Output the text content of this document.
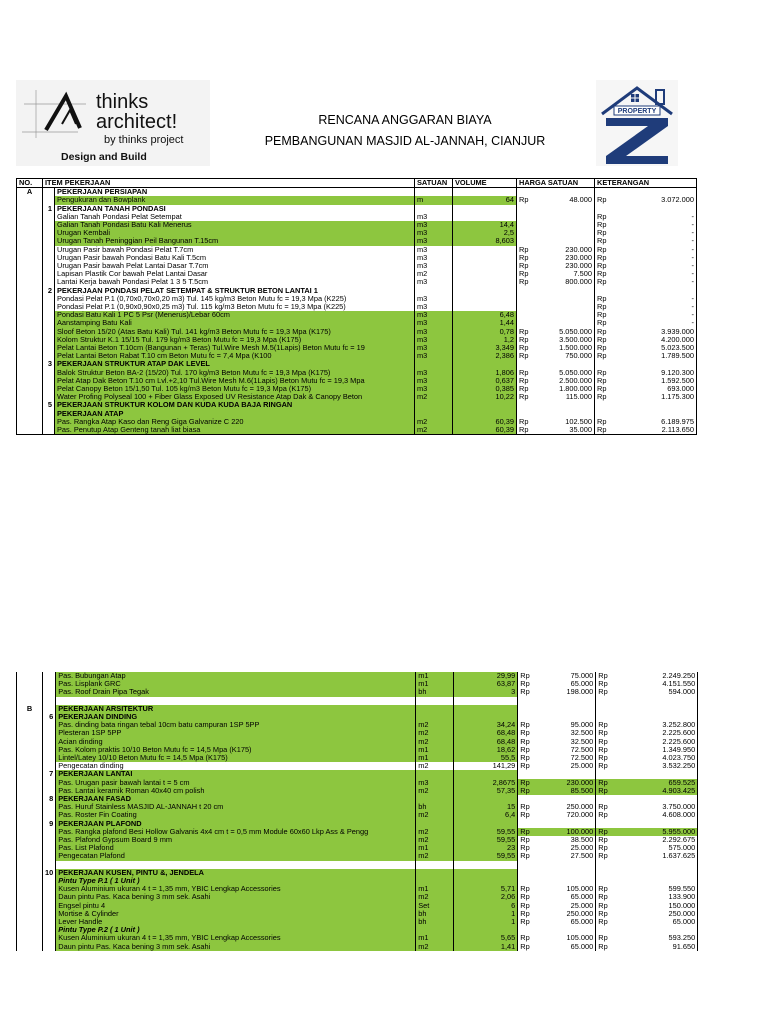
thinks
architect!
by thinks project
Design and Build
RENCANA ANGGARAN BIAYA
PEMBANGUNAN MASJID AL-JANNAH, CIANJUR
PROPERTY
NO.	ITEM PEKERJAAN		SATUAN	VOLUME	HARGA SATUAN		KETERANGAN	
A		PEKERJAAN PERSIAPAN						
		Pengukuran dan Bowplank	m	64	Rp	48.000	Rp	3.072.000
	1	PEKERJAAN TANAH PONDASI						
		Galian Tanah Pondasi Pelat Setempat	m3				Rp	-
		Galian Tanah Pondasi Batu Kali Menerus	m3	14,4			Rp	-
		Urugan Kembali	m3	2,5			Rp	-
		Urugan Tanah Peninggian Peil Bangunan T.15cm	m3	8,603			Rp	-
		Urugan Pasir bawah Pondasi Pelat T.7cm	m3		Rp	230.000	Rp	-
		Urugan Pasir bawah Pondasi Batu Kali T.5cm	m3		Rp	230.000	Rp	-
		Urugan Pasir bawah Pelat Lantai Dasar T.7cm	m3		Rp	230.000	Rp	-
		Lapisan Plastik Cor bawah Pelat Lantai Dasar	m2		Rp	7.500	Rp	-
		Lantai Kerja bawah Pondasi Pelat 1 3 5 T.5cm	m3		Rp	800.000	Rp	-
	2	PEKERJAAN PONDASI PELAT SETEMPAT & STRUKTUR BETON LANTAI 1						
		Pondasi Pelat P.1 (0,70x0,70x0,20 m3) Tul. 145 kg/m3 Beton Mutu fc = 19,3 Mpa (K225)	m3				Rp	-
		Pondasi Pelat P.1 (0,90x0,90x0,25 m3) Tul. 115 kg/m3 Beton Mutu fc = 19,3 Mpa (K225)	m3				Rp	-
		Pondasi Batu Kali 1 PC 5 Psr (Menerus)/Lebar 60cm	m3	6,48			Rp	-
		Aanstamping Batu Kali	m3	1,44			Rp	-
		Sloof Beton 15/20 (Atas Batu Kali) Tul. 141 kg/m3 Beton Mutu fc = 19,3 Mpa (K175)	m3	0,78	Rp	5.050.000	Rp	3.939.000
		Kolom Struktur K.1 15/15 Tul. 179 kg/m3 Beton Mutu fc = 19,3 Mpa (K175)	m3	1,2	Rp	3.500.000	Rp	4.200.000
		Pelat Lantai Beton T.10cm (Bangunan + Teras) Tul.Wire Mesh M.5(1Lapis) Beton Mutu fc = 19	m3	3,349	Rp	1.500.000	Rp	5.023.500
		Pelat Lantai Beton Rabat T.10 cm Beton Mutu fc = 7,4 Mpa (K100	m3	2,386	Rp	750.000	Rp	1.789.500
	3	PEKERJAAN STRUKTUR ATAP DAK LEVEL						
		Balok Struktur Beton BA-2 (15/20) Tul. 170 kg/m3 Beton Mutu fc = 19,3 Mpa (K175)	m3	1,806	Rp	5.050.000	Rp	9.120.300
		Pelat Atap Dak Beton T.10 cm Lvl.+2,10 Tul.Wire Mesh M.6(1Lapis) Beton Mutu fc = 19,3 Mpa	m3	0,637	Rp	2.500.000	Rp	1.592.500
		Pelat Canopy Beton 15/1,50 Tul. 105 kg/m3 Beton Mutu fc = 19,3 Mpa (K175)	m3	0,385	Rp	1.800.000	Rp	693.000
		Water Profing Polyseal 100 + Fiber Glass Exposed UV Resistance Atap Dak & Canopy Beton	m2	10,22	Rp	115.000	Rp	1.175.300
	5	PEKERJAAN STRUKTUR KOLOM DAN KUDA KUDA BAJA RINGAN						
		PEKERJAAN ATAP						
		Pas. Rangka Atap Kaso dan Reng Giga Galvanize C 220	m2	60,39	Rp	102.500	Rp	6.189.975
		Pas. Penutup Atap Genteng tanah liat biasa	m2	60,39	Rp	35.000	Rp	2.113.650
		Pas. Bubungan Atap	m1	29,99	Rp	75.000	Rp	2.249.250
		Pas. Lisplank GRC	m1	63,87	Rp	65.000	Rp	4.151.550
		Pas. Roof Drain Pipa Tegak	bh	3	Rp	198.000	Rp	594.000

B		PEKERJAAN ARSITEKTUR						
	6	PEKERJAAN DINDING						
		Pas. dinding bata ringan tebal 10cm batu campuran 1SP 5PP	m2	34,24	Rp	95.000	Rp	3.252.800
		Plesteran 1SP 5PP	m2	68,48	Rp	32.500	Rp	2.225.600
		Acian dinding	m2	68,48	Rp	32.500	Rp	2.225.600
		Pas. Kolom praktis 10/10 Beton Mutu fc = 14,5 Mpa (K175)	m1	18,62	Rp	72.500	Rp	1.349.950
		Lintel/Latey 10/10 Beton Mutu fc = 14,5 Mpa (K175)	m1	55,5	Rp	72.500	Rp	4.023.750
		Pengecatan dinding	m2	141,29	Rp	25.000	Rp	3.532.250
	7	PEKERJAAN LANTAI						
		Pas. Urugan pasir bawah lantai t = 5 cm	m3	2,8675	Rp	230.000	Rp	659.525
		Pas. Lantai keramik Roman 40x40 cm polish	m2	57,35	Rp	85.500	Rp	4.903.425
	8	PEKERJAAN FASAD						
		Pas. Huruf Stainless MASJID AL-JANNAH t 20 cm	bh	15	Rp	250.000	Rp	3.750.000
		Pas. Roster Fin Coating	m2	6,4	Rp	720.000	Rp	4.608.000
	9	PEKERJAAN PLAFOND						
		Pas. Rangka plafond Besi Hollow Galvanis 4x4 cm t = 0,5 mm Module 60x60 Lkp Ass & Pengg	m2	59,55	Rp	100.000	Rp	5.955.000
		Pas. Plafond Gypsum Board 9 mm	m2	59,55	Rp	38.500	Rp	2.292.675
		Pas. List Plafond	m1	23	Rp	25.000	Rp	575.000
		Pengecatan Plafond	m2	59,55	Rp	27.500	Rp	1.637.625

	10	PEKERJAAN KUSEN, PINTU &, JENDELA						
		Pintu Type P.1 ( 1 Unit )						
		Kusen Aluminium ukuran 4 t = 1,35 mm, YBIC Lengkap Accessories	m1	5,71	Rp	105.000	Rp	599.550
		Daun pintu Pas. Kaca bening 3 mm sek. Asahi	m2	2,06	Rp	65.000	Rp	133.900
		Engsel pintu 4	Set	6	Rp	25.000	Rp	150.000
		Mortise & Cylinder	bh	1	Rp	250.000	Rp	250.000
		Lever Handle	bh	1	Rp	65.000	Rp	65.000
		Pintu Type P.2 ( 1 Unit )						
		Kusen Aluminium ukuran 4 t = 1,35 mm, YBIC Lengkap Accessories	m1	5,65	Rp	105.000	Rp	593.250
		Daun pintu Pas. Kaca bening 3 mm sek. Asahi	m2	1,41	Rp	65.000	Rp	91.650
